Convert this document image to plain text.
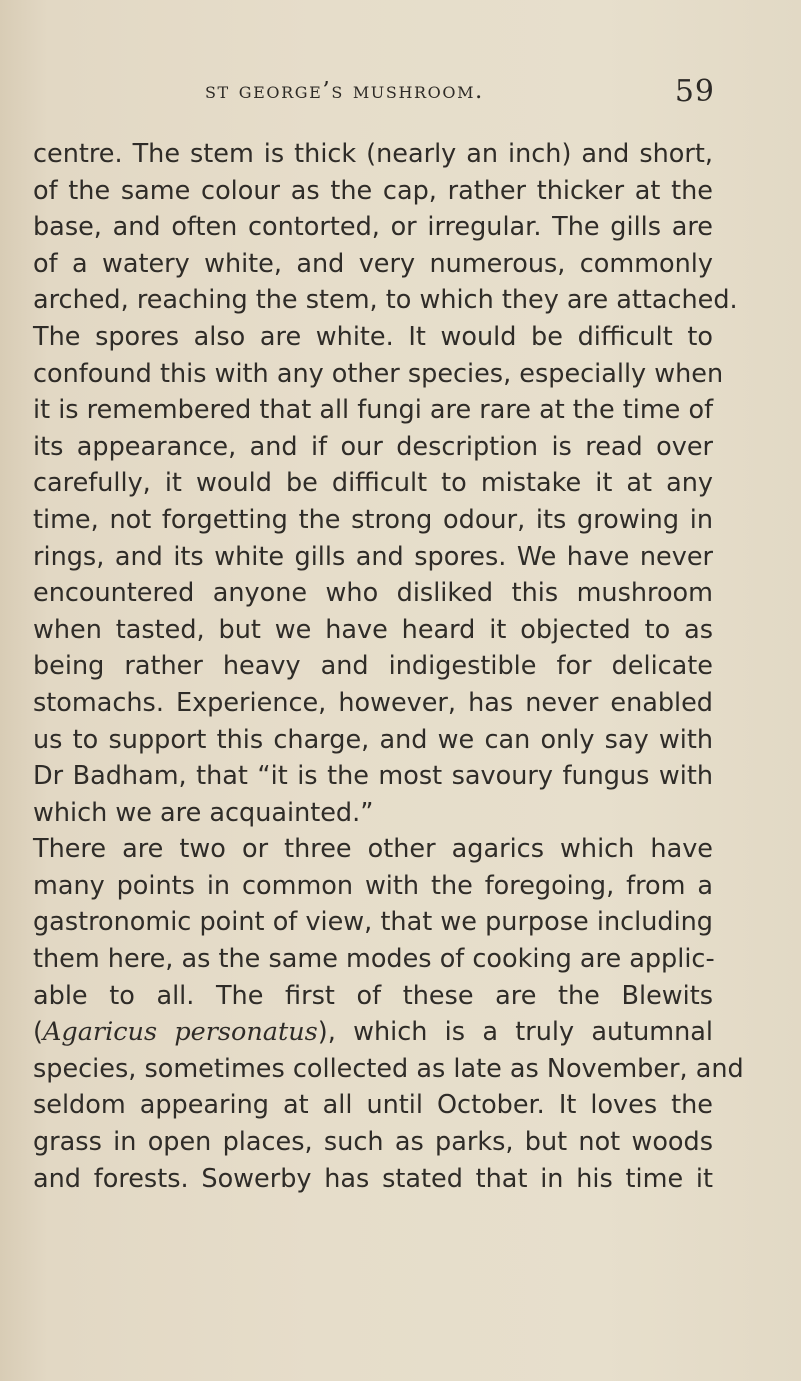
st george’s mushroom.	59
centre. The stem is thick (nearly an inch) and short,
of the same colour as the cap, rather thicker at the
base, and often contorted, or irregular. The gills are
of a watery white, and very numerous, commonly
arched, reaching the stem, to which they are attached.
The spores also are white. It would be difficult to
confound this with any other species, especially when
it is remembered that all fungi are rare at the time of
its appearance, and if our description is read over
carefully, it would be difficult to mistake it at any
time, not forgetting the strong odour, its growing in
rings, and its white gills and spores. We have never
encountered anyone who disliked this mushroom
when tasted, but we have heard it objected to as
being rather heavy and indigestible for delicate
stomachs. Experience, however, has never enabled
us to support this charge, and we can only say with
Dr Badham, that “it is the most savoury fungus with
which we are acquainted.”
There are two or three other agarics which have
many points in common with the foregoing, from a
gastronomic point of view, that we purpose including
them here, as the same modes of cooking are applic-
able to all. The first of these are the Blewits
(Agaricus personatus), which is a truly autumnal
species, sometimes collected as late as November, and
seldom appearing at all until October. It loves the
grass in open places, such as parks, but not woods
and forests. Sowerby has stated that in his time it
